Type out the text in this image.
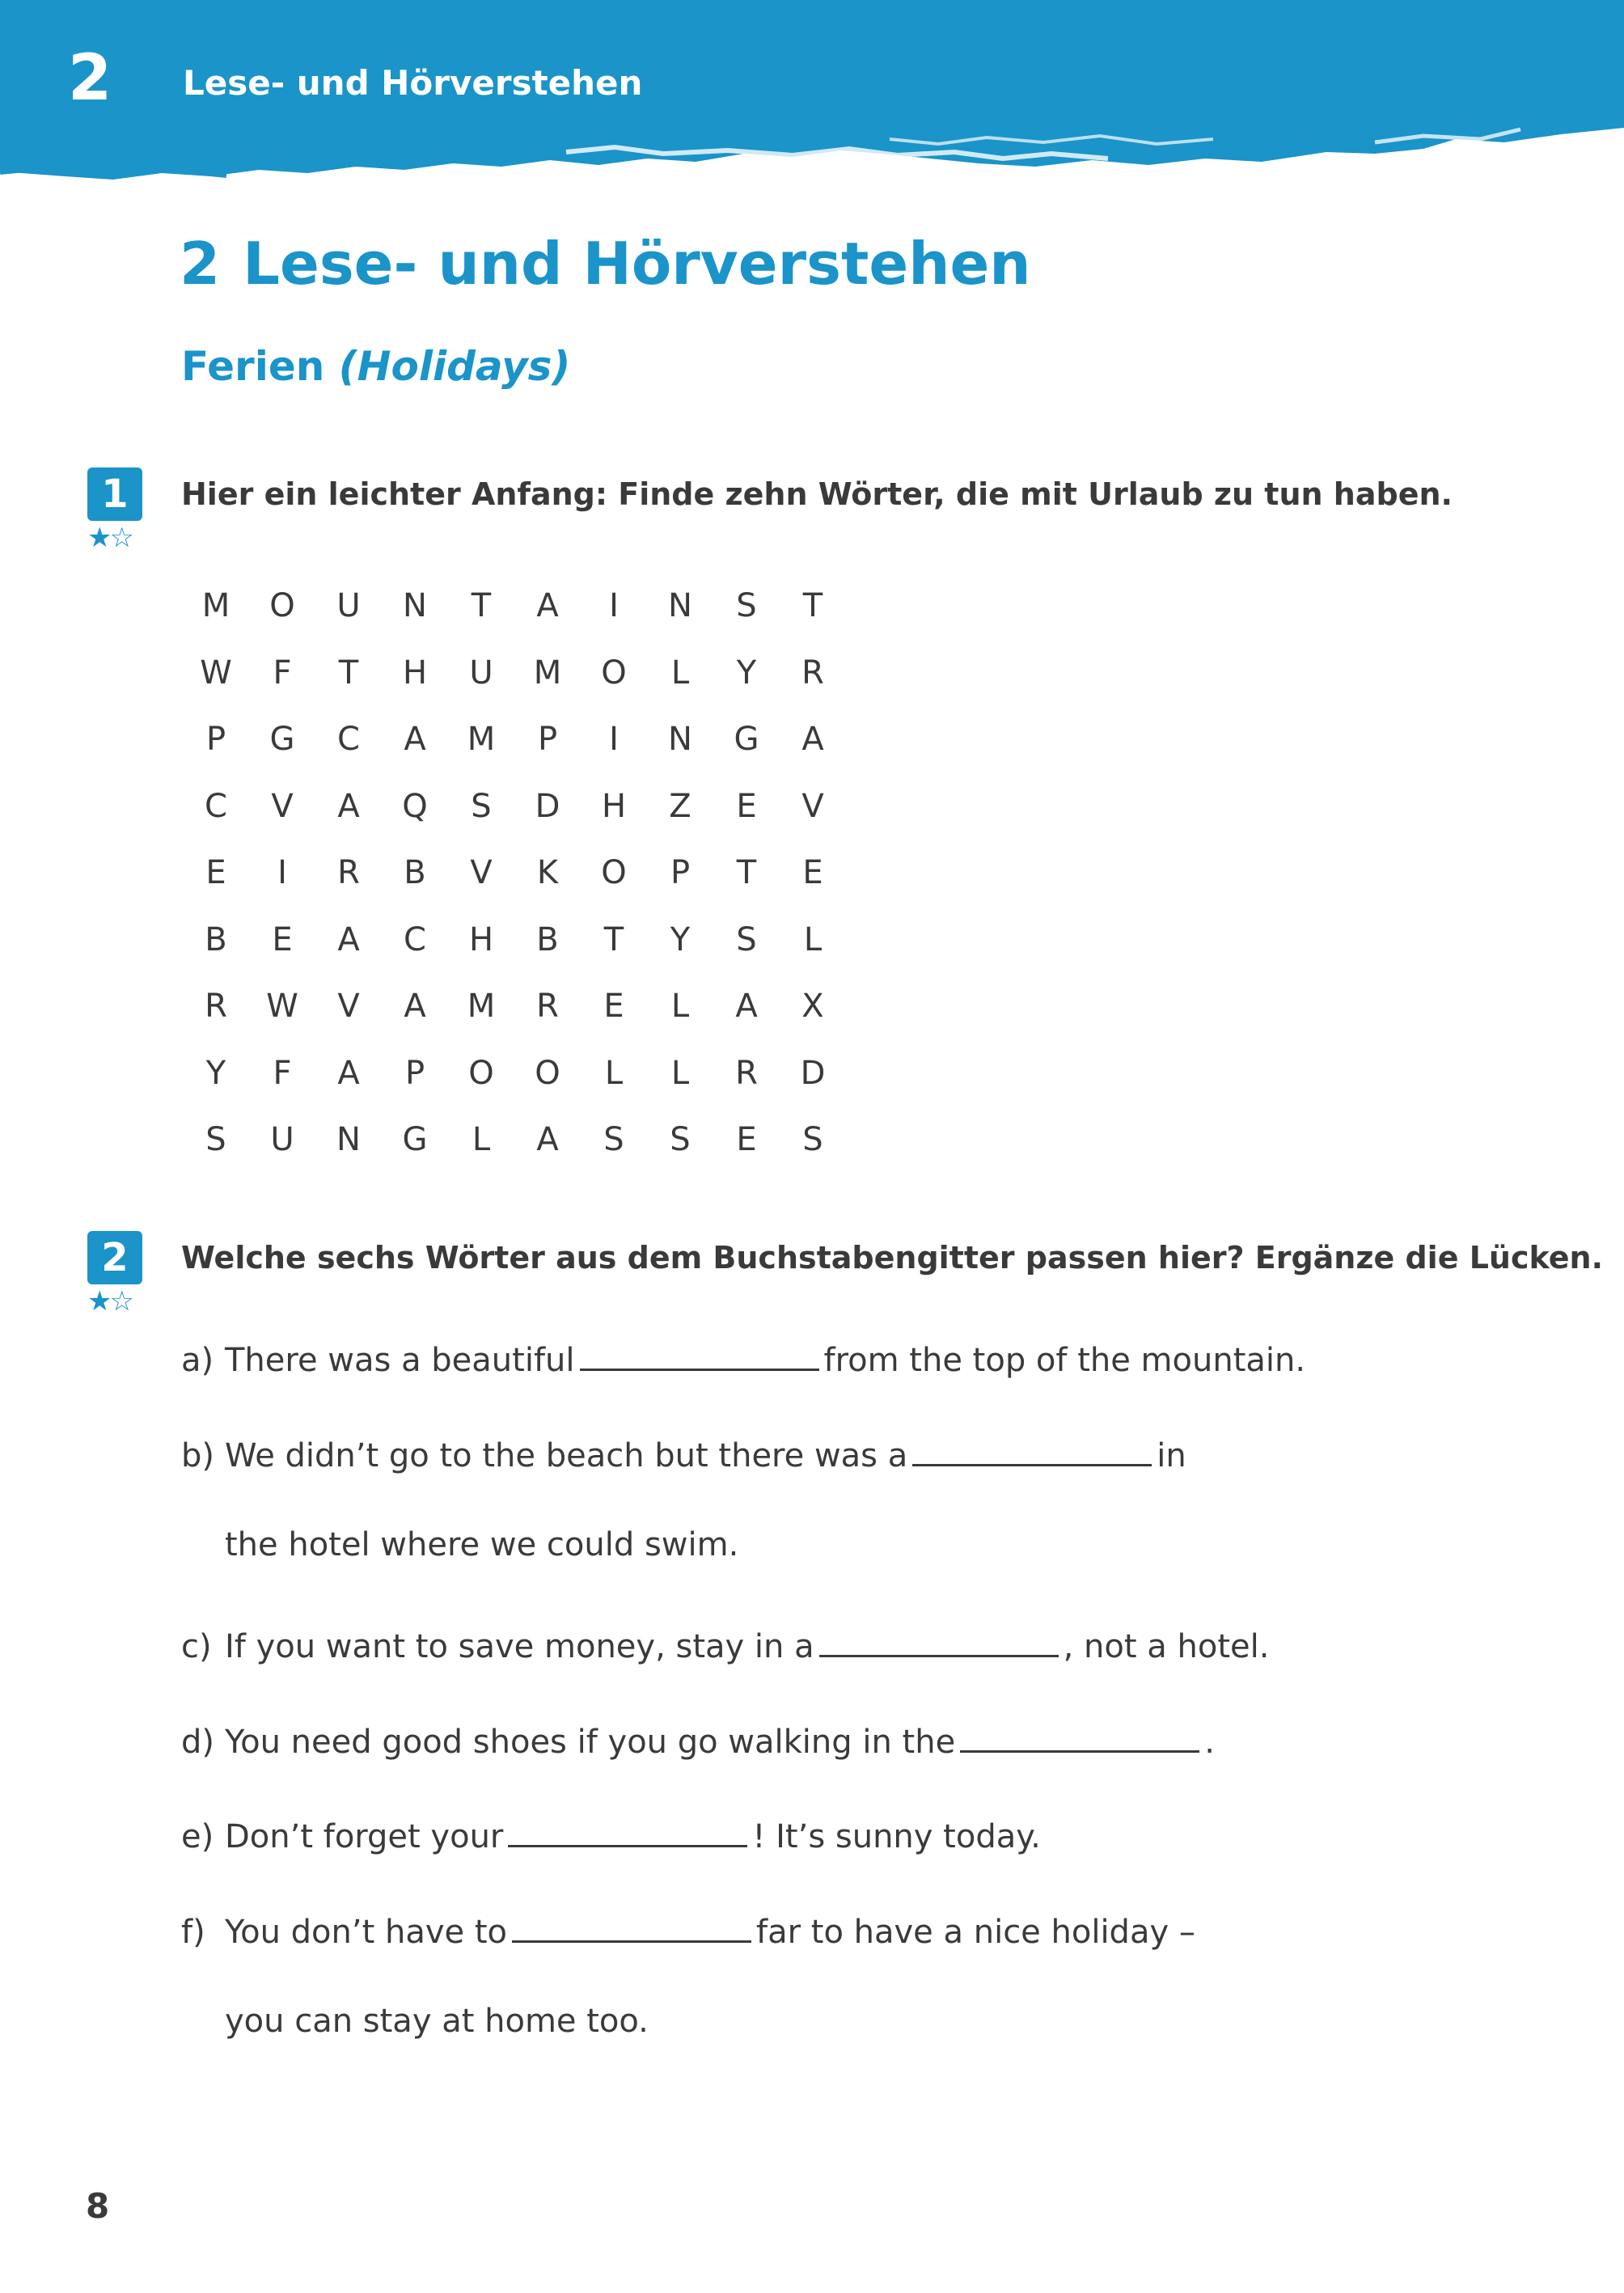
2 Lese- und Hörverstehen
2 Lese- und Hörverstehen
Ferien (Holidays)
1
★☆
Hier ein leichter Anfang: Finde zehn Wörter, die mit Urlaub zu tun haben.
M	O	U	N	T	A	I	N	S	T
W	F	T	H	U	M	O	L	Y	R
P	G	C	A	M	P	I	N	G	A
C	V	A	Q	S	D	H	Z	E	V
E	I	R	B	V	K	O	P	T	E
B	E	A	C	H	B	T	Y	S	L
R	W	V	A	M	R	E	L	A	X
Y	F	A	P	O	O	L	L	R	D
S	U	N	G	L	A	S	S	E	S
2
★☆
Welche sechs Wörter aus dem Buchstabengitter passen hier? Ergänze die Lücken.
a) There was a beautiful	from the top of the mountain.
b) We didn’t go to the beach but there was a	in
the hotel where we could swim.
c) If you want to save money, stay in a	, not a hotel.
d) You need good shoes if you go walking in the	.
e) Don’t forget your	! It’s sunny today.
f) You don’t have to	far to have a nice holiday –
you can stay at home too.
8
